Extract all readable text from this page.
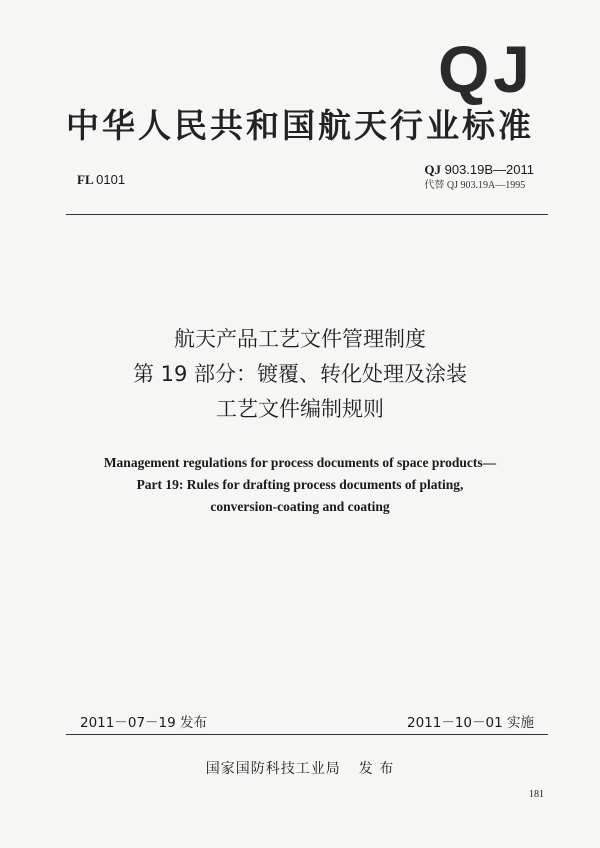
QJ
中华人民共和国航天行业标准
FL 0101
QJ 903.19B—2011
代替 QJ 903.19A—1995
航天产品工艺文件管理制度
第 19 部分：镀覆、转化处理及涂装
工艺文件编制规则
Management regulations for process documents of space products—
Part 19: Rules for drafting process documents of plating,
conversion-coating and coating
2011－07－19 发布	2011－10－01 实施
国家国防科技工业局 发 布
181
